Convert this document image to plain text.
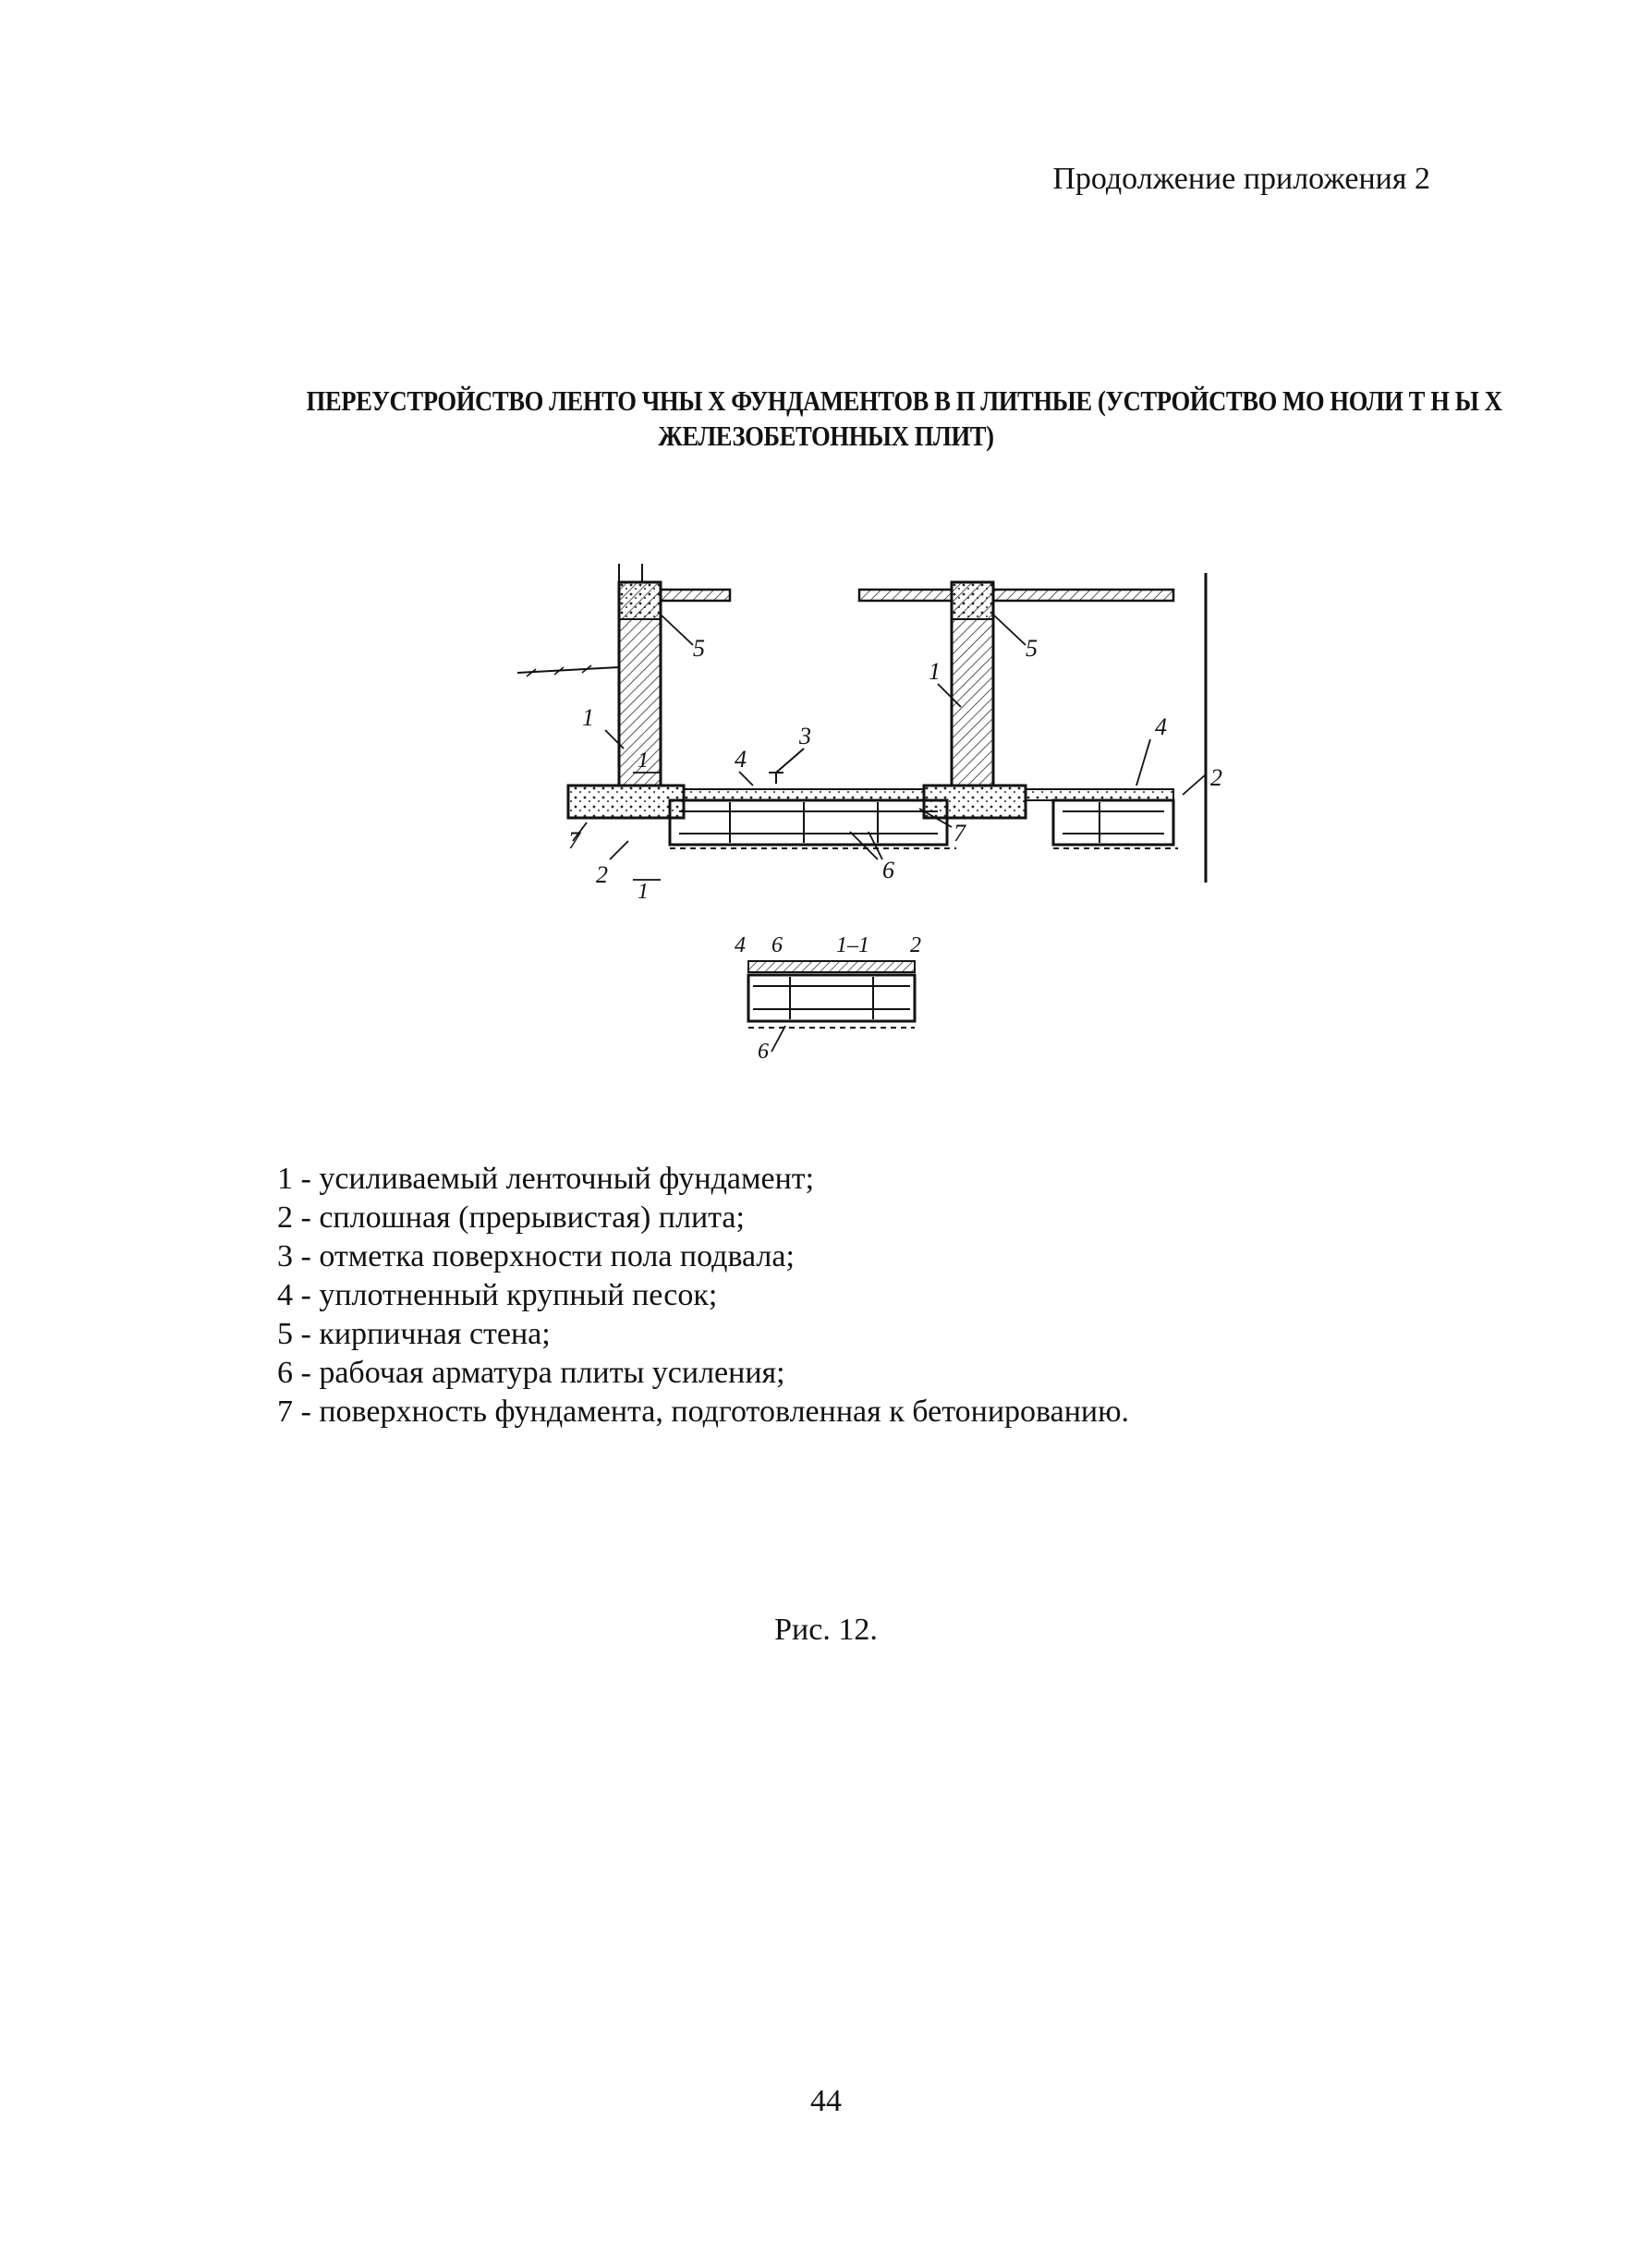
Продолжение приложения 2
ПЕРЕУСТРОЙСТВО ЛЕНТО ЧНЫ Х ФУНДАМЕНТОВ В П ЛИТНЫЕ (УСТРОЙСТВО МО НОЛИ Т Н Ы Х
ЖЕЛЕЗОБЕТОННЫХ ПЛИТ)
5	5
1
1
3
4
4
2
7	7
6
2
1
1
4 6 1–1 2
6
1 - усиливаемый ленточный фундамент;
2 - сплошная (прерывистая) плита;
3 - отметка поверхности пола подвала;
4 - уплотненный крупный песок;
5 - кирпичная стена;
6 - рабочая арматура плиты усиления;
7 - поверхность фундамента, подготовленная к бетонированию.
Рис. 12.
44
